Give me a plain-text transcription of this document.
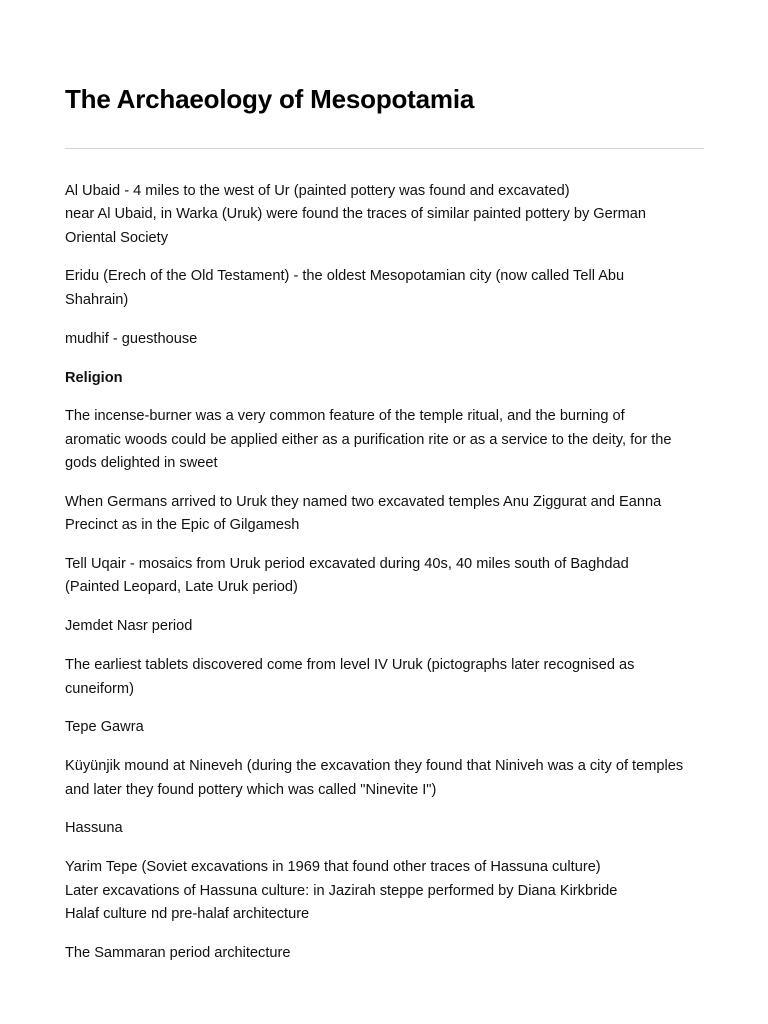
The Archaeology of Mesopotamia

Al Ubaid - 4 miles to the west of Ur (painted pottery was found and excavated)
near Al Ubaid, in Warka (Uruk) were found the traces of similar painted pottery by German
Oriental Society

Eridu (Erech of the Old Testament) - the oldest Mesopotamian city (now called Tell Abu
Shahrain)

mudhif - guesthouse

Religion

The incense-burner was a very common feature of the temple ritual, and the burning of
aromatic woods could be applied either as a purification rite or as a service to the deity, for the
gods delighted in sweet

When Germans arrived to Uruk they named two excavated temples Anu Ziggurat and Eanna
Precinct as in the Epic of Gilgamesh

Tell Uqair - mosaics from Uruk period excavated during 40s, 40 miles south of Baghdad
(Painted Leopard, Late Uruk period)

Jemdet Nasr period

The earliest tablets discovered come from level IV Uruk (pictographs later recognised as
cuneiform)

Tepe Gawra

Küyünjik mound at Nineveh (during the excavation they found that Niniveh was a city of temples
and later they found pottery which was called "Ninevite I")

Hassuna

Yarim Tepe (Soviet excavations in 1969 that found other traces of Hassuna culture)
Later excavations of Hassuna culture: in Jazirah steppe performed by Diana Kirkbride
Halaf culture nd pre-halaf architecture

The Sammaran period architecture
